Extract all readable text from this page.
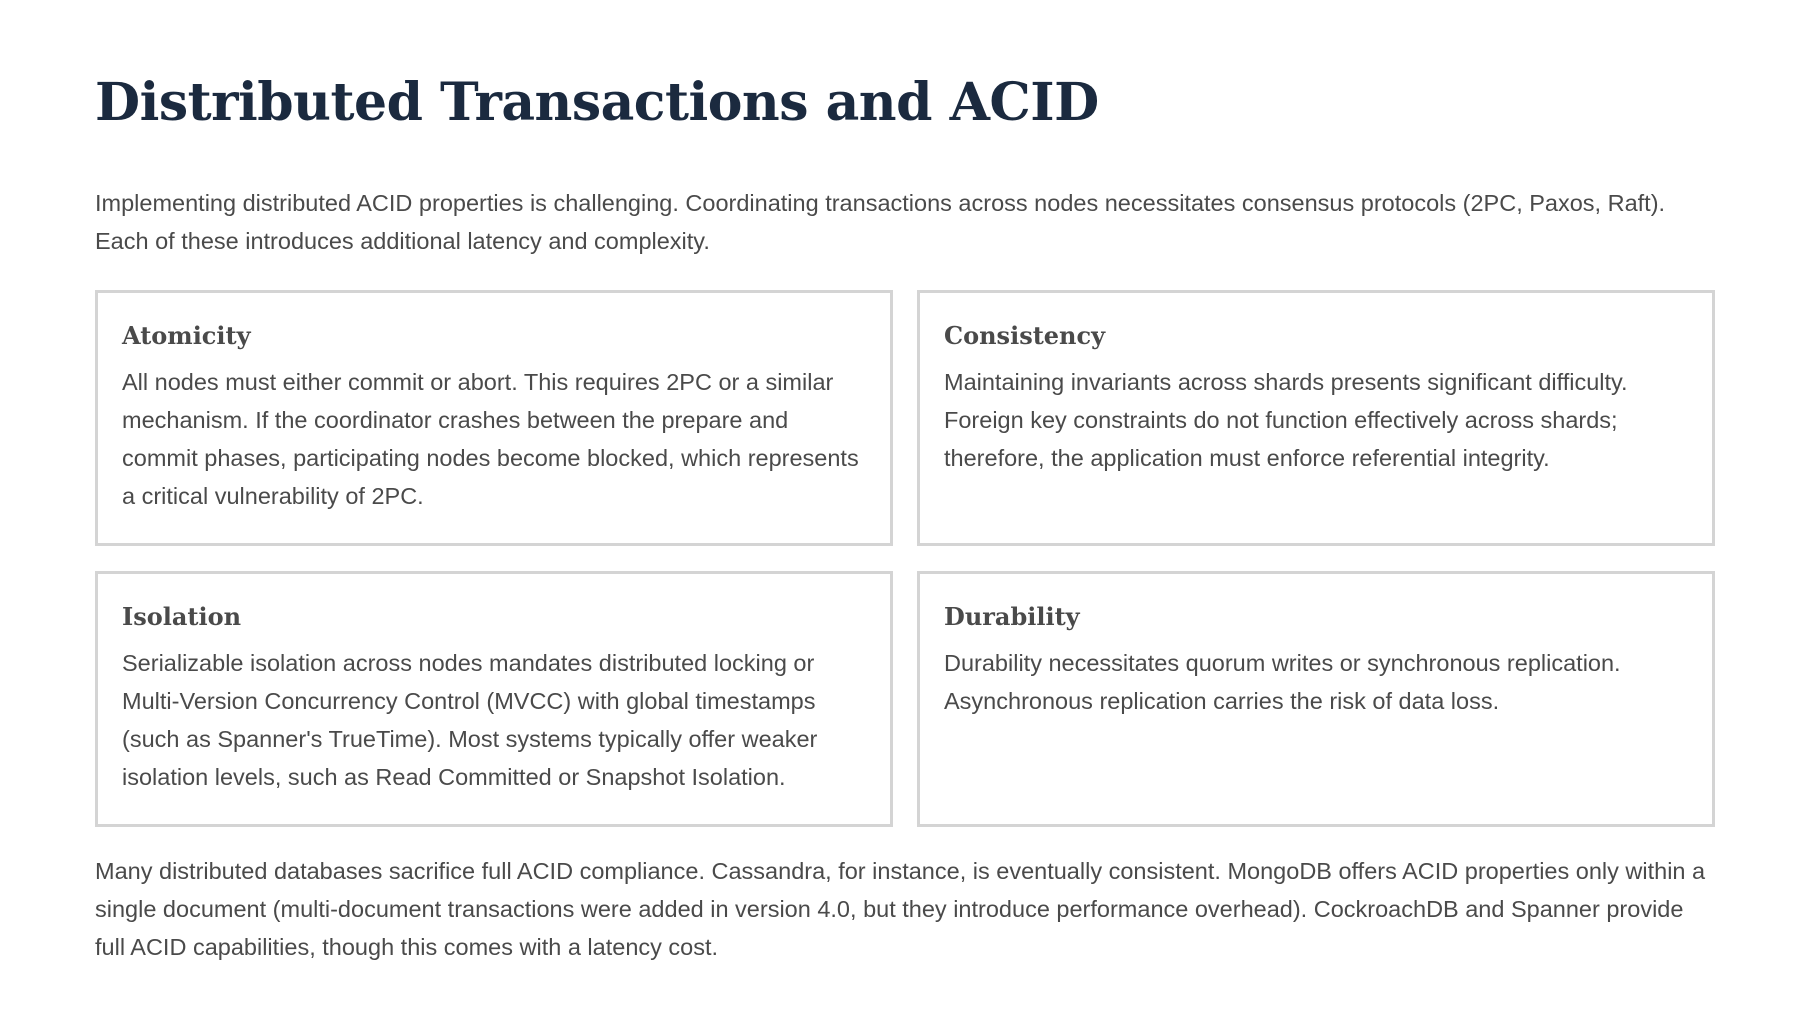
Distributed Transactions and ACID

Implementing distributed ACID properties is challenging. Coordinating transactions across nodes necessitates consensus protocols (2PC, Paxos, Raft). Each of these introduces additional latency and complexity.

Atomicity

All nodes must either commit or abort. This requires 2PC or a similar mechanism. If the coordinator crashes between the prepare and commit phases, participating nodes become blocked, which represents a critical vulnerability of 2PC.

Consistency

Maintaining invariants across shards presents significant difficulty. Foreign key constraints do not function effectively across shards; therefore, the application must enforce referential integrity.

Isolation

Serializable isolation across nodes mandates distributed locking or Multi-Version Concurrency Control (MVCC) with global timestamps (such as Spanner's TrueTime). Most systems typically offer weaker isolation levels, such as Read Committed or Snapshot Isolation.

Durability

Durability necessitates quorum writes or synchronous replication. Asynchronous replication carries the risk of data loss.

Many distributed databases sacrifice full ACID compliance. Cassandra, for instance, is eventually consistent. MongoDB offers ACID properties only within a single document (multi-document transactions were added in version 4.0, but they introduce performance overhead). CockroachDB and Spanner provide full ACID capabilities, though this comes with a latency cost.
